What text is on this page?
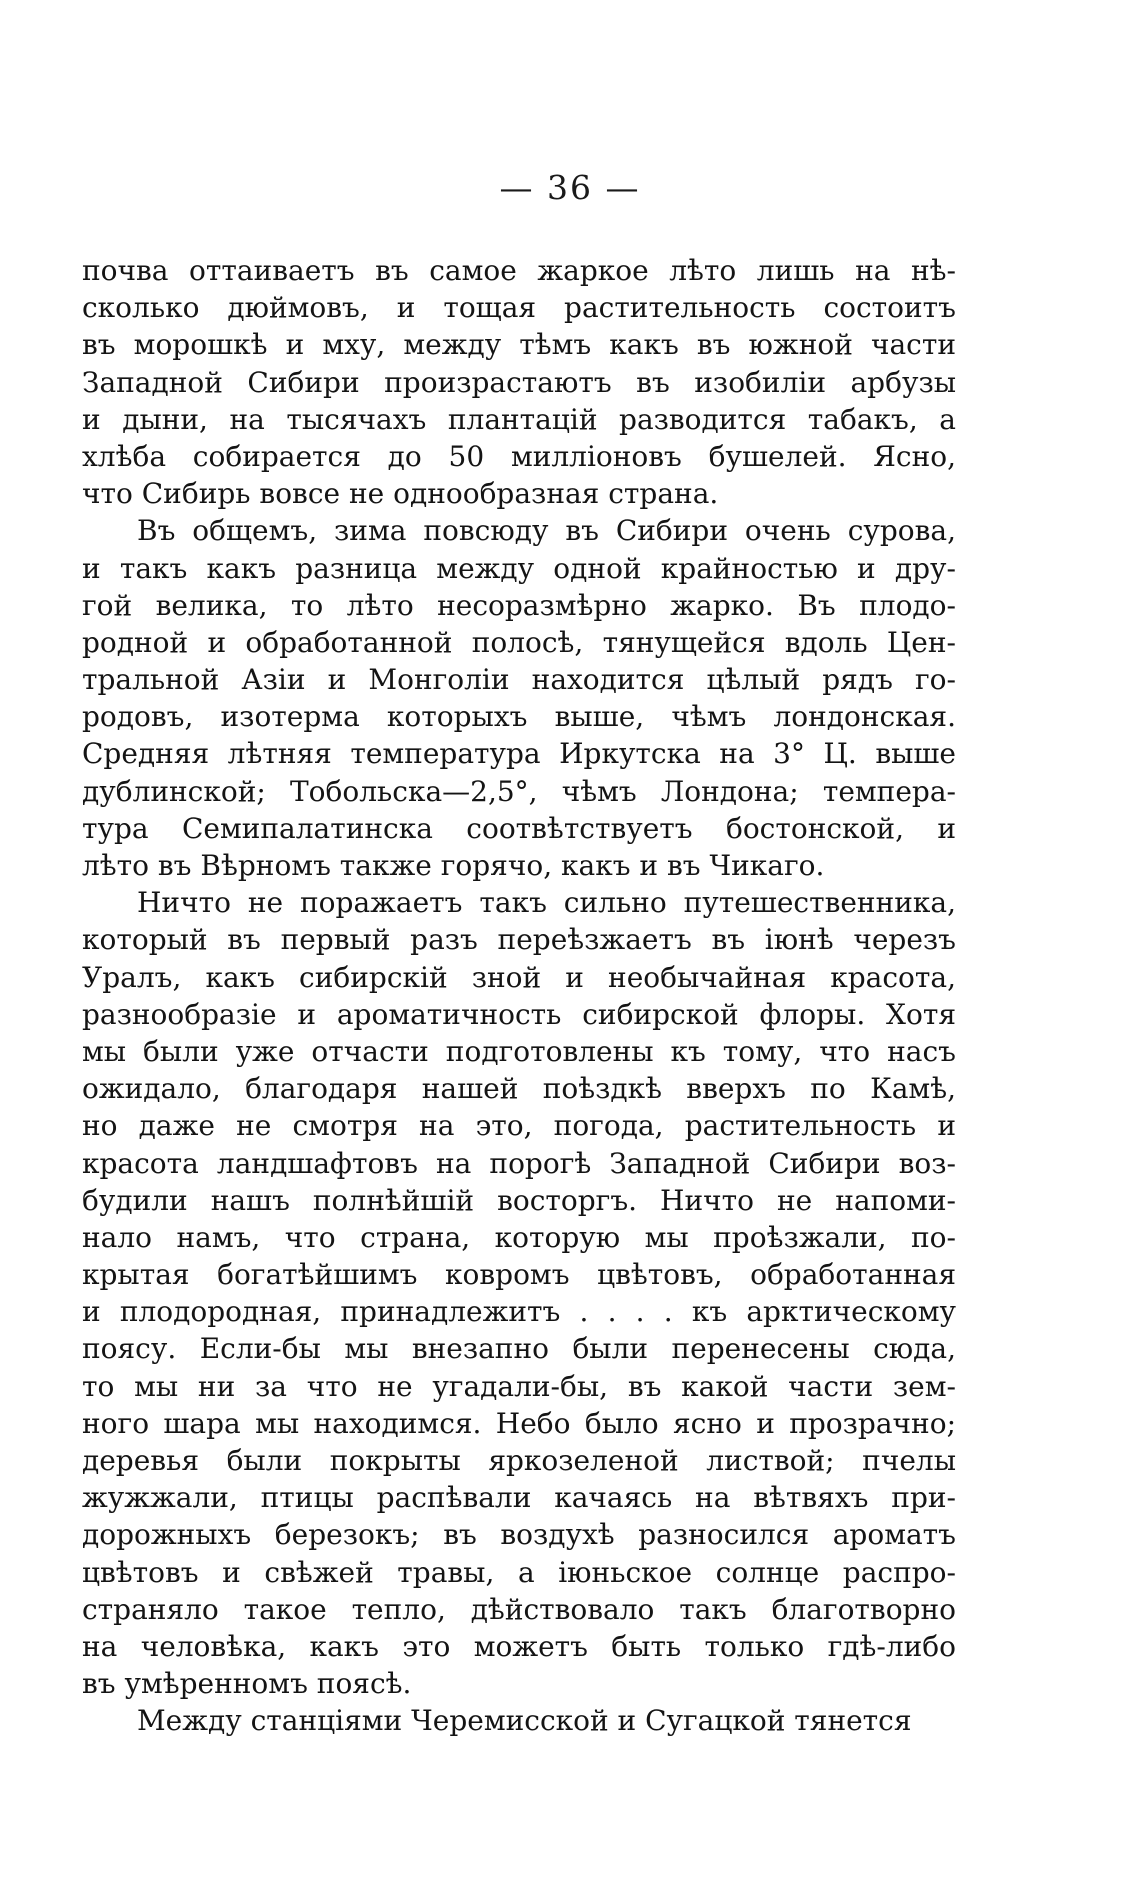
— 36 —
почва оттаиваетъ въ самое жаркое лѣто лишь на нѣ-
сколько дюймовъ, и тощая растительность состоитъ
въ морошкѣ и мху, между тѣмъ какъ въ южной части
Западной Сибири произрастаютъ въ изобиліи арбузы
и дыни, на тысячахъ плантацій разводится табакъ, а
хлѣба собирается до 50 милліоновъ бушелей. Ясно,
что Сибирь вовсе не однообразная страна.
Въ общемъ, зима повсюду въ Сибири очень сурова,
и такъ какъ разница между одной крайностью и дру-
гой велика, то лѣто несоразмѣрно жарко. Въ плодо-
родной и обработанной полосѣ, тянущейся вдоль Цен-
тральной Азіи и Монголіи находится цѣлый рядъ го-
родовъ, изотерма которыхъ выше, чѣмъ лондонская.
Средняя лѣтняя температура Иркутска на 3° Ц. выше
дублинской; Тобольска—2,5°, чѣмъ Лондона; темпера-
тура Семипалатинска соотвѣтствуетъ бостонской, и
лѣто въ Вѣрномъ также горячо, какъ и въ Чикаго.
Ничто не поражаетъ такъ сильно путешественника,
который въ первый разъ переѣзжаетъ въ іюнѣ черезъ
Уралъ, какъ сибирскій зной и необычайная красота,
разнообразіе и ароматичность сибирской флоры. Хотя
мы были уже отчасти подготовлены къ тому, что насъ
ожидало, благодаря нашей поѣздкѣ вверхъ по Камѣ,
но даже не смотря на это, погода, растительность и
красота ландшафтовъ на порогѣ Западной Сибири воз-
будили нашъ полнѣйшій восторгъ. Ничто не напоми-
нало намъ, что страна, которую мы проѣзжали, по-
крытая богатѣйшимъ ковромъ цвѣтовъ, обработанная
и плодородная, принадлежитъ . . . . къ арктическому
поясу. Если-бы мы внезапно были перенесены сюда,
то мы ни за что не угадали-бы, въ какой части зем-
ного шара мы находимся. Небо было ясно и прозрачно;
деревья были покрыты яркозеленой листвой; пчелы
жужжали, птицы распѣвали качаясь на вѣтвяхъ при-
дорожныхъ березокъ; въ воздухѣ разносился ароматъ
цвѣтовъ и свѣжей травы, а іюньское солнце распро-
страняло такое тепло, дѣйствовало такъ благотворно
на человѣка, какъ это можетъ быть только гдѣ-либо
въ умѣренномъ поясѣ.
Между станціями Черемисской и Сугацкой тянется
